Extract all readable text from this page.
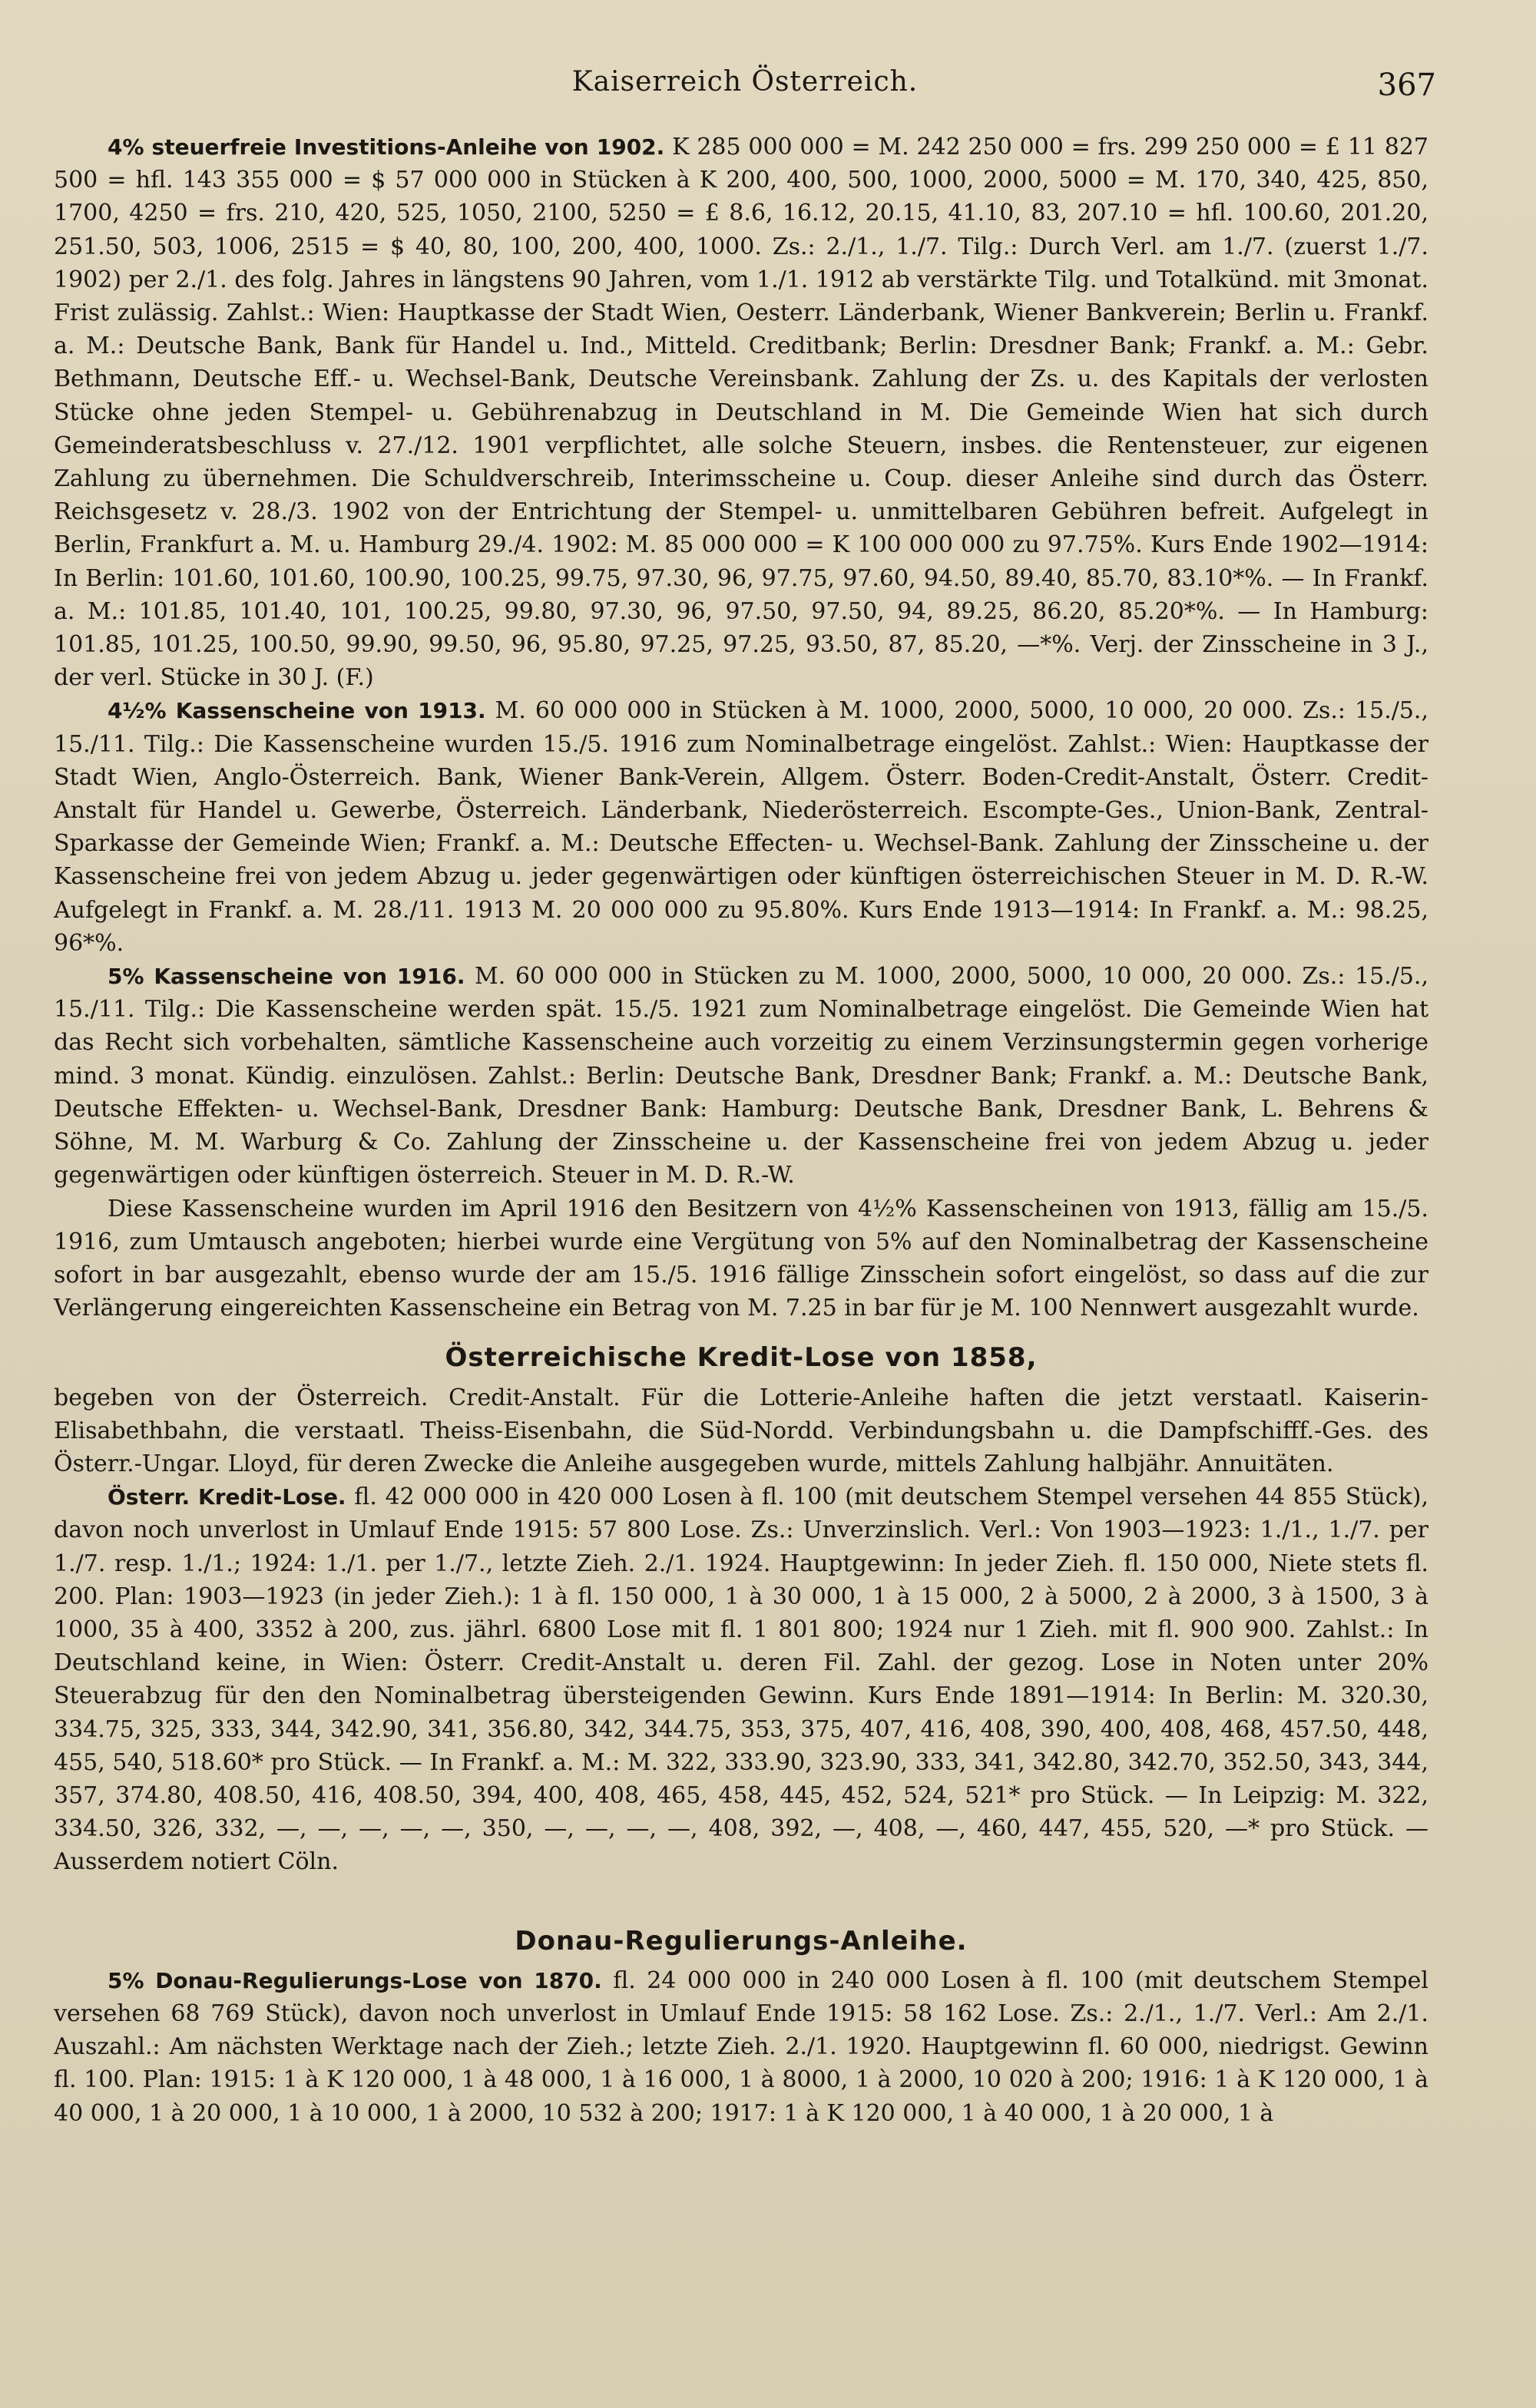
Kaiserreich Österreich.	367

4% steuerfreie Investitions-Anleihe von 1902. K 285 000 000 = M. 242 250 000 = frs. 299 250 000 = £ 11 827 500 = hfl. 143 355 000 = $ 57 000 000 in Stücken à K 200, 400, 500, 1000, 2000, 5000 = M. 170, 340, 425, 850, 1700, 4250 = frs. 210, 420, 525, 1050, 2100, 5250 = £ 8.6, 16.12, 20.15, 41.10, 83, 207.10 = hfl. 100.60, 201.20, 251.50, 503, 1006, 2515 = $ 40, 80, 100, 200, 400, 1000. Zs.: 2./1., 1./7. Tilg.: Durch Verl. am 1./7. (zuerst 1./7. 1902) per 2./1. des folg. Jahres in längstens 90 Jahren, vom 1./1. 1912 ab verstärkte Tilg. und Totalkünd. mit 3monat. Frist zulässig. Zahlst.: Wien: Hauptkasse der Stadt Wien, Oesterr. Länderbank, Wiener Bankverein; Berlin u. Frankf. a. M.: Deutsche Bank, Bank für Handel u. Ind., Mitteld. Creditbank; Berlin: Dresdner Bank; Frankf. a. M.: Gebr. Bethmann, Deutsche Eff.- u. Wechsel-Bank, Deutsche Vereinsbank. Zahlung der Zs. u. des Kapitals der verlosten Stücke ohne jeden Stempel- u. Gebührenabzug in Deutschland in M. Die Gemeinde Wien hat sich durch Gemeinderatsbeschluss v. 27./12. 1901 verpflichtet, alle solche Steuern, insbes. die Rentensteuer, zur eigenen Zahlung zu übernehmen. Die Schuldverschreib, Interimsscheine u. Coup. dieser Anleihe sind durch das Österr. Reichsgesetz v. 28./3. 1902 von der Entrichtung der Stempel- u. unmittelbaren Gebühren befreit. Aufgelegt in Berlin, Frankfurt a. M. u. Hamburg 29./4. 1902: M. 85 000 000 = K 100 000 000 zu 97.75%. Kurs Ende 1902—1914: In Berlin: 101.60, 101.60, 100.90, 100.25, 99.75, 97.30, 96, 97.75, 97.60, 94.50, 89.40, 85.70, 83.10*%. — In Frankf. a. M.: 101.85, 101.40, 101, 100.25, 99.80, 97.30, 96, 97.50, 97.50, 94, 89.25, 86.20, 85.20*%. — In Hamburg: 101.85, 101.25, 100.50, 99.90, 99.50, 96, 95.80, 97.25, 97.25, 93.50, 87, 85.20, —*%. Verj. der Zinsscheine in 3 J., der verl. Stücke in 30 J. (F.)

4½% Kassenscheine von 1913. M. 60 000 000 in Stücken à M. 1000, 2000, 5000, 10 000, 20 000. Zs.: 15./5., 15./11. Tilg.: Die Kassenscheine wurden 15./5. 1916 zum Nominalbetrage eingelöst. Zahlst.: Wien: Hauptkasse der Stadt Wien, Anglo-Österreich. Bank, Wiener Bank-Verein, Allgem. Österr. Boden-Credit-Anstalt, Österr. Credit-Anstalt für Handel u. Gewerbe, Österreich. Länderbank, Niederösterreich. Escompte-Ges., Union-Bank, Zentral-Sparkasse der Gemeinde Wien; Frankf. a. M.: Deutsche Effecten- u. Wechsel-Bank. Zahlung der Zinsscheine u. der Kassenscheine frei von jedem Abzug u. jeder gegenwärtigen oder künftigen österreichischen Steuer in M. D. R.-W. Aufgelegt in Frankf. a. M. 28./11. 1913 M. 20 000 000 zu 95.80%. Kurs Ende 1913—1914: In Frankf. a. M.: 98.25, 96*%.

5% Kassenscheine von 1916. M. 60 000 000 in Stücken zu M. 1000, 2000, 5000, 10 000, 20 000. Zs.: 15./5., 15./11. Tilg.: Die Kassenscheine werden spät. 15./5. 1921 zum Nominalbetrage eingelöst. Die Gemeinde Wien hat das Recht sich vorbehalten, sämtliche Kassenscheine auch vorzeitig zu einem Verzinsungstermin gegen vorherige mind. 3 monat. Kündig. einzulösen. Zahlst.: Berlin: Deutsche Bank, Dresdner Bank; Frankf. a. M.: Deutsche Bank, Deutsche Effekten- u. Wechsel-Bank, Dresdner Bank: Hamburg: Deutsche Bank, Dresdner Bank, L. Behrens & Söhne, M. M. Warburg & Co. Zahlung der Zinsscheine u. der Kassenscheine frei von jedem Abzug u. jeder gegenwärtigen oder künftigen österreich. Steuer in M. D. R.-W.

Diese Kassenscheine wurden im April 1916 den Besitzern von 4½% Kassenscheinen von 1913, fällig am 15./5. 1916, zum Umtausch angeboten; hierbei wurde eine Vergütung von 5% auf den Nominalbetrag der Kassenscheine sofort in bar ausgezahlt, ebenso wurde der am 15./5. 1916 fällige Zinsschein sofort eingelöst, so dass auf die zur Verlängerung eingereichten Kassenscheine ein Betrag von M. 7.25 in bar für je M. 100 Nennwert ausgezahlt wurde.

Österreichische Kredit-Lose von 1858,

begeben von der Österreich. Credit-Anstalt. Für die Lotterie-Anleihe haften die jetzt verstaatl. Kaiserin-Elisabethbahn, die verstaatl. Theiss-Eisenbahn, die Süd-Nordd. Verbindungsbahn u. die Dampfschifff.-Ges. des Österr.-Ungar. Lloyd, für deren Zwecke die Anleihe ausgegeben wurde, mittels Zahlung halbjähr. Annuitäten.

Österr. Kredit-Lose. fl. 42 000 000 in 420 000 Losen à fl. 100 (mit deutschem Stempel versehen 44 855 Stück), davon noch unverlost in Umlauf Ende 1915: 57 800 Lose. Zs.: Unverzinslich. Verl.: Von 1903—1923: 1./1., 1./7. per 1./7. resp. 1./1.; 1924: 1./1. per 1./7., letzte Zieh. 2./1. 1924. Hauptgewinn: In jeder Zieh. fl. 150 000, Niete stets fl. 200. Plan: 1903—1923 (in jeder Zieh.): 1 à fl. 150 000, 1 à 30 000, 1 à 15 000, 2 à 5000, 2 à 2000, 3 à 1500, 3 à 1000, 35 à 400, 3352 à 200, zus. jährl. 6800 Lose mit fl. 1 801 800; 1924 nur 1 Zieh. mit fl. 900 900. Zahlst.: In Deutschland keine, in Wien: Österr. Credit-Anstalt u. deren Fil. Zahl. der gezog. Lose in Noten unter 20% Steuerabzug für den den Nominalbetrag übersteigenden Gewinn. Kurs Ende 1891—1914: In Berlin: M. 320.30, 334.75, 325, 333, 344, 342.90, 341, 356.80, 342, 344.75, 353, 375, 407, 416, 408, 390, 400, 408, 468, 457.50, 448, 455, 540, 518.60* pro Stück. — In Frankf. a. M.: M. 322, 333.90, 323.90, 333, 341, 342.80, 342.70, 352.50, 343, 344, 357, 374.80, 408.50, 416, 408.50, 394, 400, 408, 465, 458, 445, 452, 524, 521* pro Stück. — In Leipzig: M. 322, 334.50, 326, 332, —, —, —, —, —, 350, —, —, —, —, 408, 392, —, 408, —, 460, 447, 455, 520, —* pro Stück. — Ausserdem notiert Cöln.

Donau-Regulierungs-Anleihe.

5% Donau-Regulierungs-Lose von 1870. fl. 24 000 000 in 240 000 Losen à fl. 100 (mit deutschem Stempel versehen 68 769 Stück), davon noch unverlost in Umlauf Ende 1915: 58 162 Lose. Zs.: 2./1., 1./7. Verl.: Am 2./1. Auszahl.: Am nächsten Werktage nach der Zieh.; letzte Zieh. 2./1. 1920. Hauptgewinn fl. 60 000, niedrigst. Gewinn fl. 100. Plan: 1915: 1 à K 120 000, 1 à 48 000, 1 à 16 000, 1 à 8000, 1 à 2000, 10 020 à 200; 1916: 1 à K 120 000, 1 à 40 000, 1 à 20 000, 1 à 10 000, 1 à 2000, 10 532 à 200; 1917: 1 à K 120 000, 1 à 40 000, 1 à 20 000, 1 à
